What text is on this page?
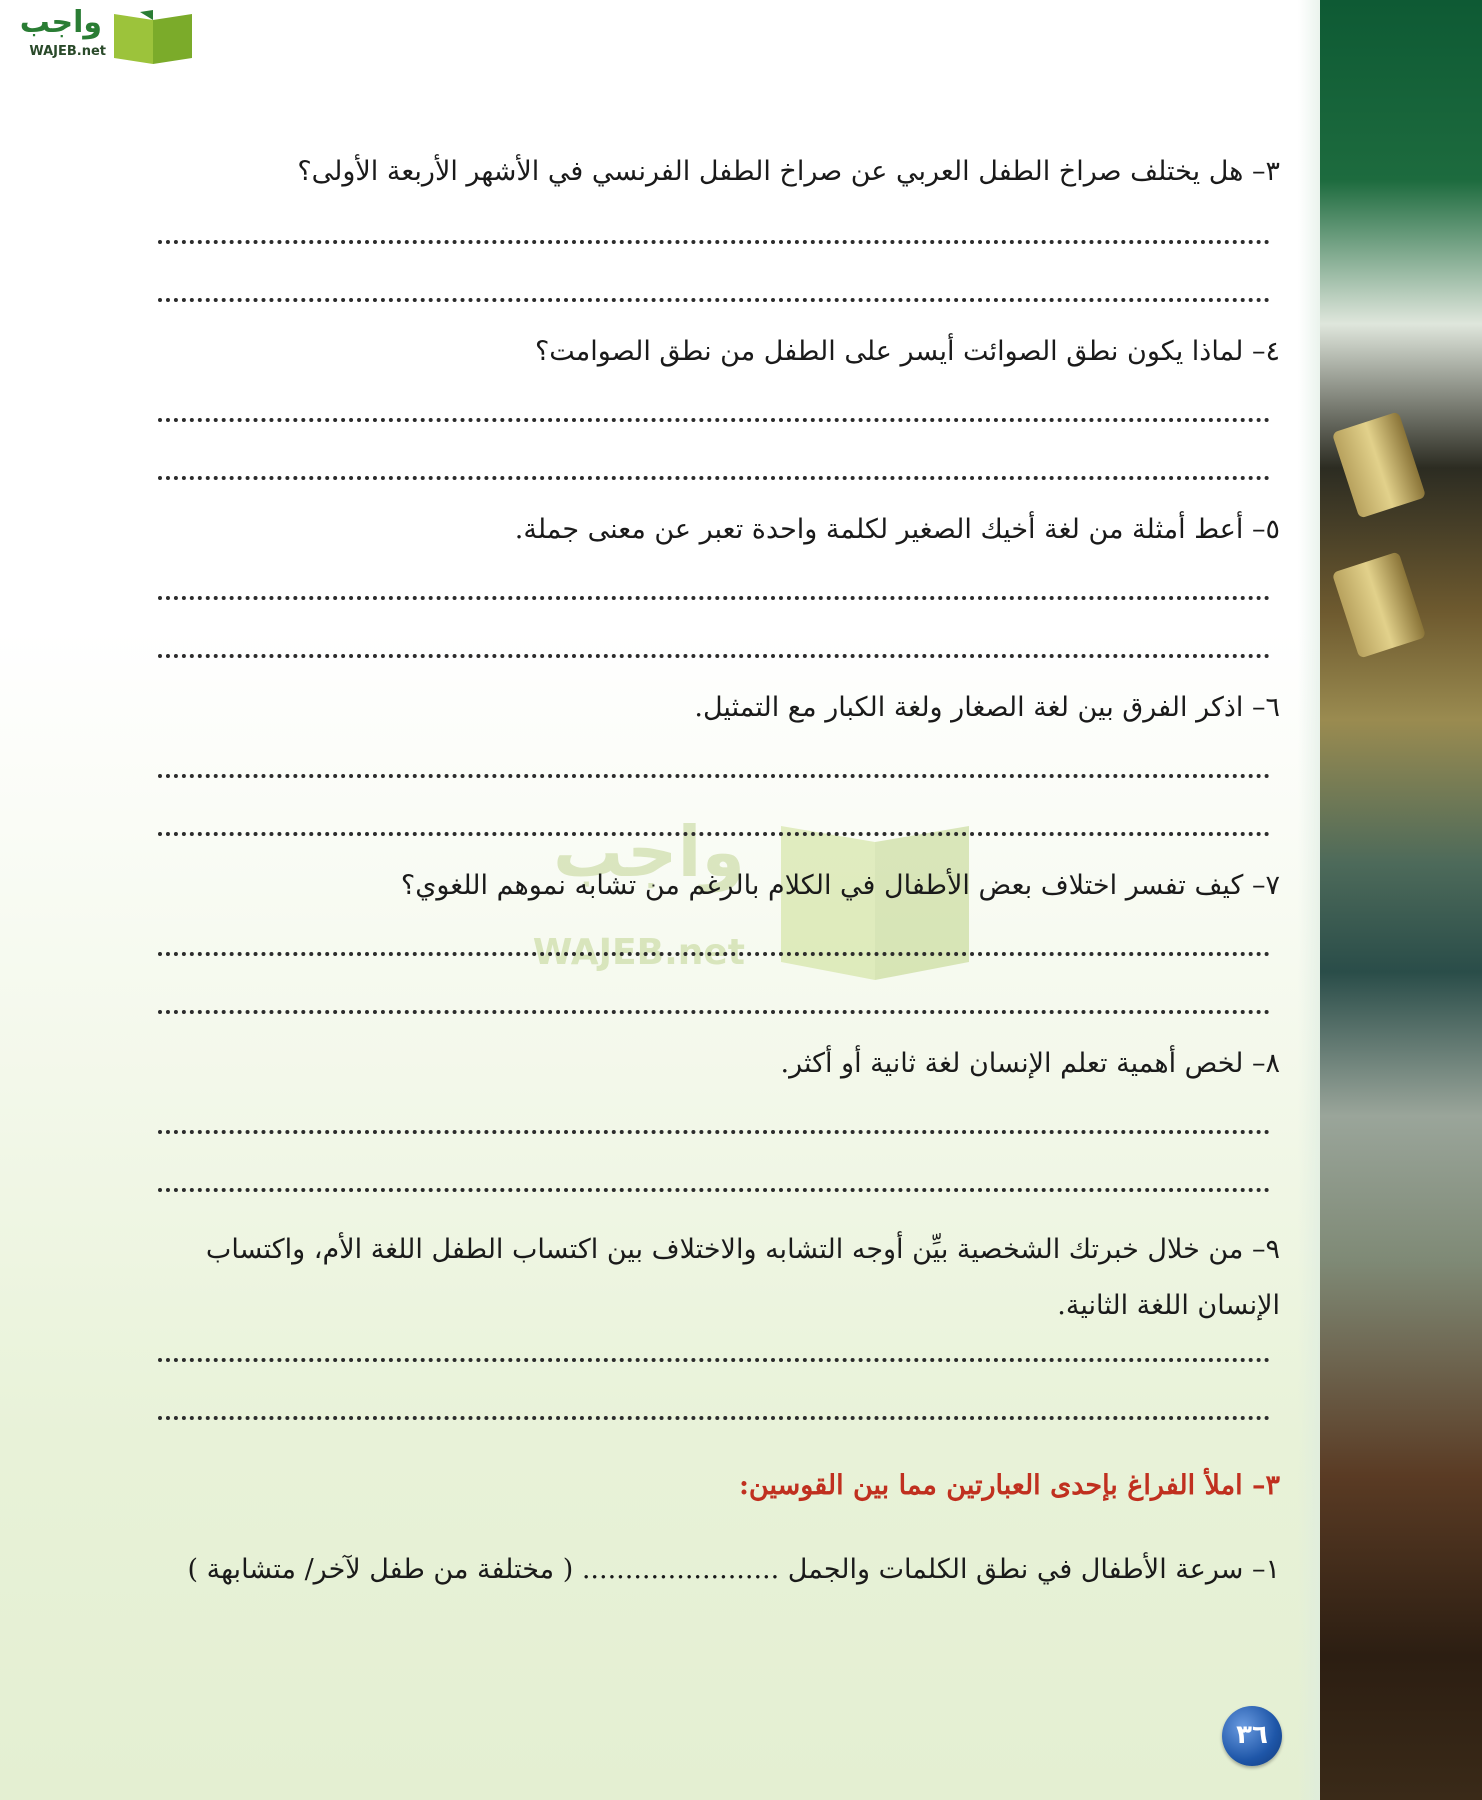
واجب
WAJEB.net
واجب
WAJEB.net
٣– هل يختلف صراخ الطفل العربي عن صراخ الطفل الفرنسي في الأشهر الأربعة الأولى؟
٤– لماذا يكون نطق الصوائت أيسر على الطفل من نطق الصوامت؟
٥– أعط أمثلة من لغة أخيك الصغير لكلمة واحدة تعبر عن معنى جملة.
٦– اذكر الفرق بين لغة الصغار ولغة الكبار مع التمثيل.
٧– كيف تفسر اختلاف بعض الأطفال في الكلام بالرغم من تشابه نموهم اللغوي؟
٨– لخص أهمية تعلم الإنسان لغة ثانية أو أكثر.
٩– من خلال خبرتك الشخصية بيِّن أوجه التشابه والاختلاف بين اكتساب الطفل اللغة الأم، واكتساب الإنسان اللغة الثانية.
٣– املأ الفراغ بإحدى العبارتين مما بين القوسين:
١– سرعة الأطفال في نطق الكلمات والجمل ....................... ( مختلفة من طفل لآخر/ متشابهة )
٣٦
